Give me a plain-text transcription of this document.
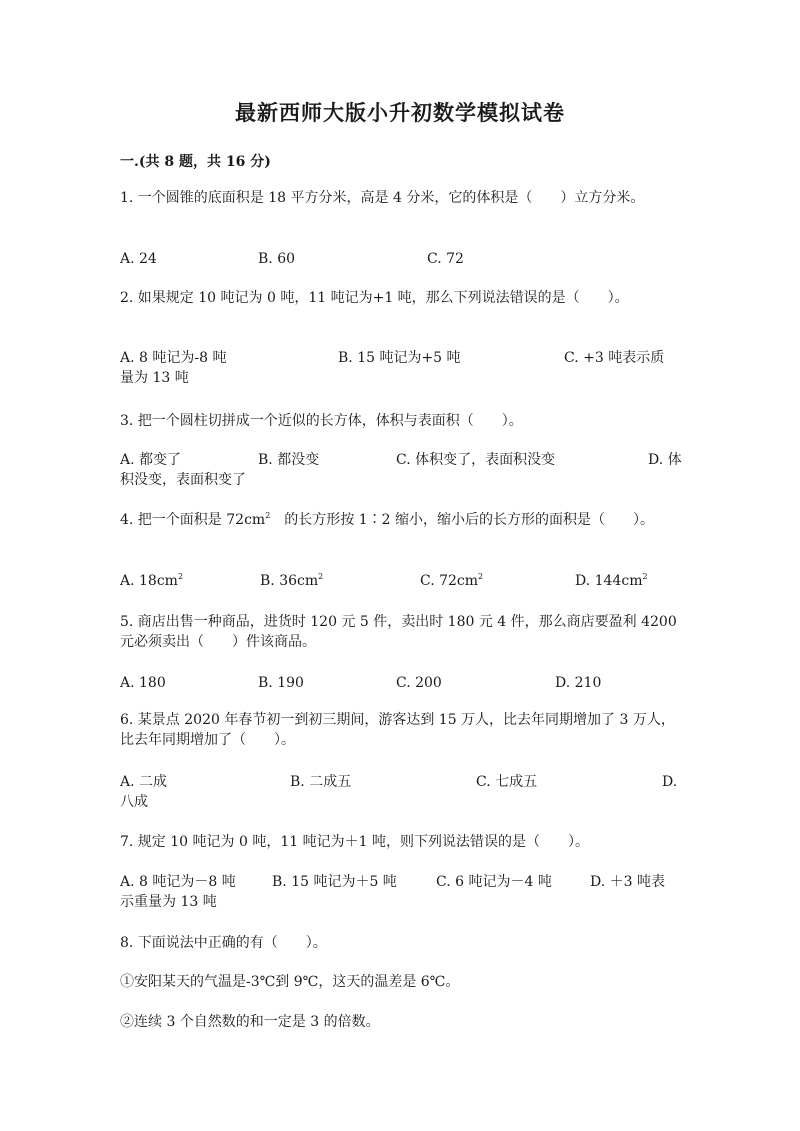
最新西师大版小升初数学模拟试卷
一.(共 8 题，共 16 分)
1. 一个圆锥的底面积是 18 平方分米，高是 4 分米，它的体积是（　　）立方分米。
A. 24	B. 60	C. 72
2. 如果规定 10 吨记为 0 吨，11 吨记为+1 吨，那么下列说法错误的是（　　）。
A. 8 吨记为-8 吨	B. 15 吨记为+5 吨	C. +3 吨表示质
量为 13 吨
3. 把一个圆柱切拼成一个近似的长方体，体积与表面积（　　）。
A. 都变了	B. 都没变	C. 体积变了，表面积没变	D. 体
积没变，表面积变了
4. 把一个面积是 $72cm^2$　的长方形按 1∶2 缩小，缩小后的长方形的面积是（　　）。
A. $18cm^2$	B. $36cm^2$	C. $72cm^2$	D. $144cm^2$
5. 商店出售一种商品，进货时 120 元 5 件，卖出时 180 元 4 件，那么商店要盈利 4200 元必须卖出（　　）件该商品。
A. 180	B. 190	C. 200	D. 210
6. 某景点 2020 年春节初一到初三期间，游客达到 15 万人，比去年同期增加了 3 万人，比去年同期增加了（　　）。
A. 二成	B. 二成五	C. 七成五	D.
八成
7. 规定 10 吨记为 0 吨，11 吨记为＋1 吨，则下列说法错误的是（　　）。
A. 8 吨记为－8 吨	B. 15 吨记为＋5 吨	C. 6 吨记为－4 吨	D. ＋3 吨表
示重量为 13 吨
8. 下面说法中正确的有（　　）。
①安阳某天的气温是-3℃到 9℃，这天的温差是 6℃。
②连续 3 个自然数的和一定是 3 的倍数。
